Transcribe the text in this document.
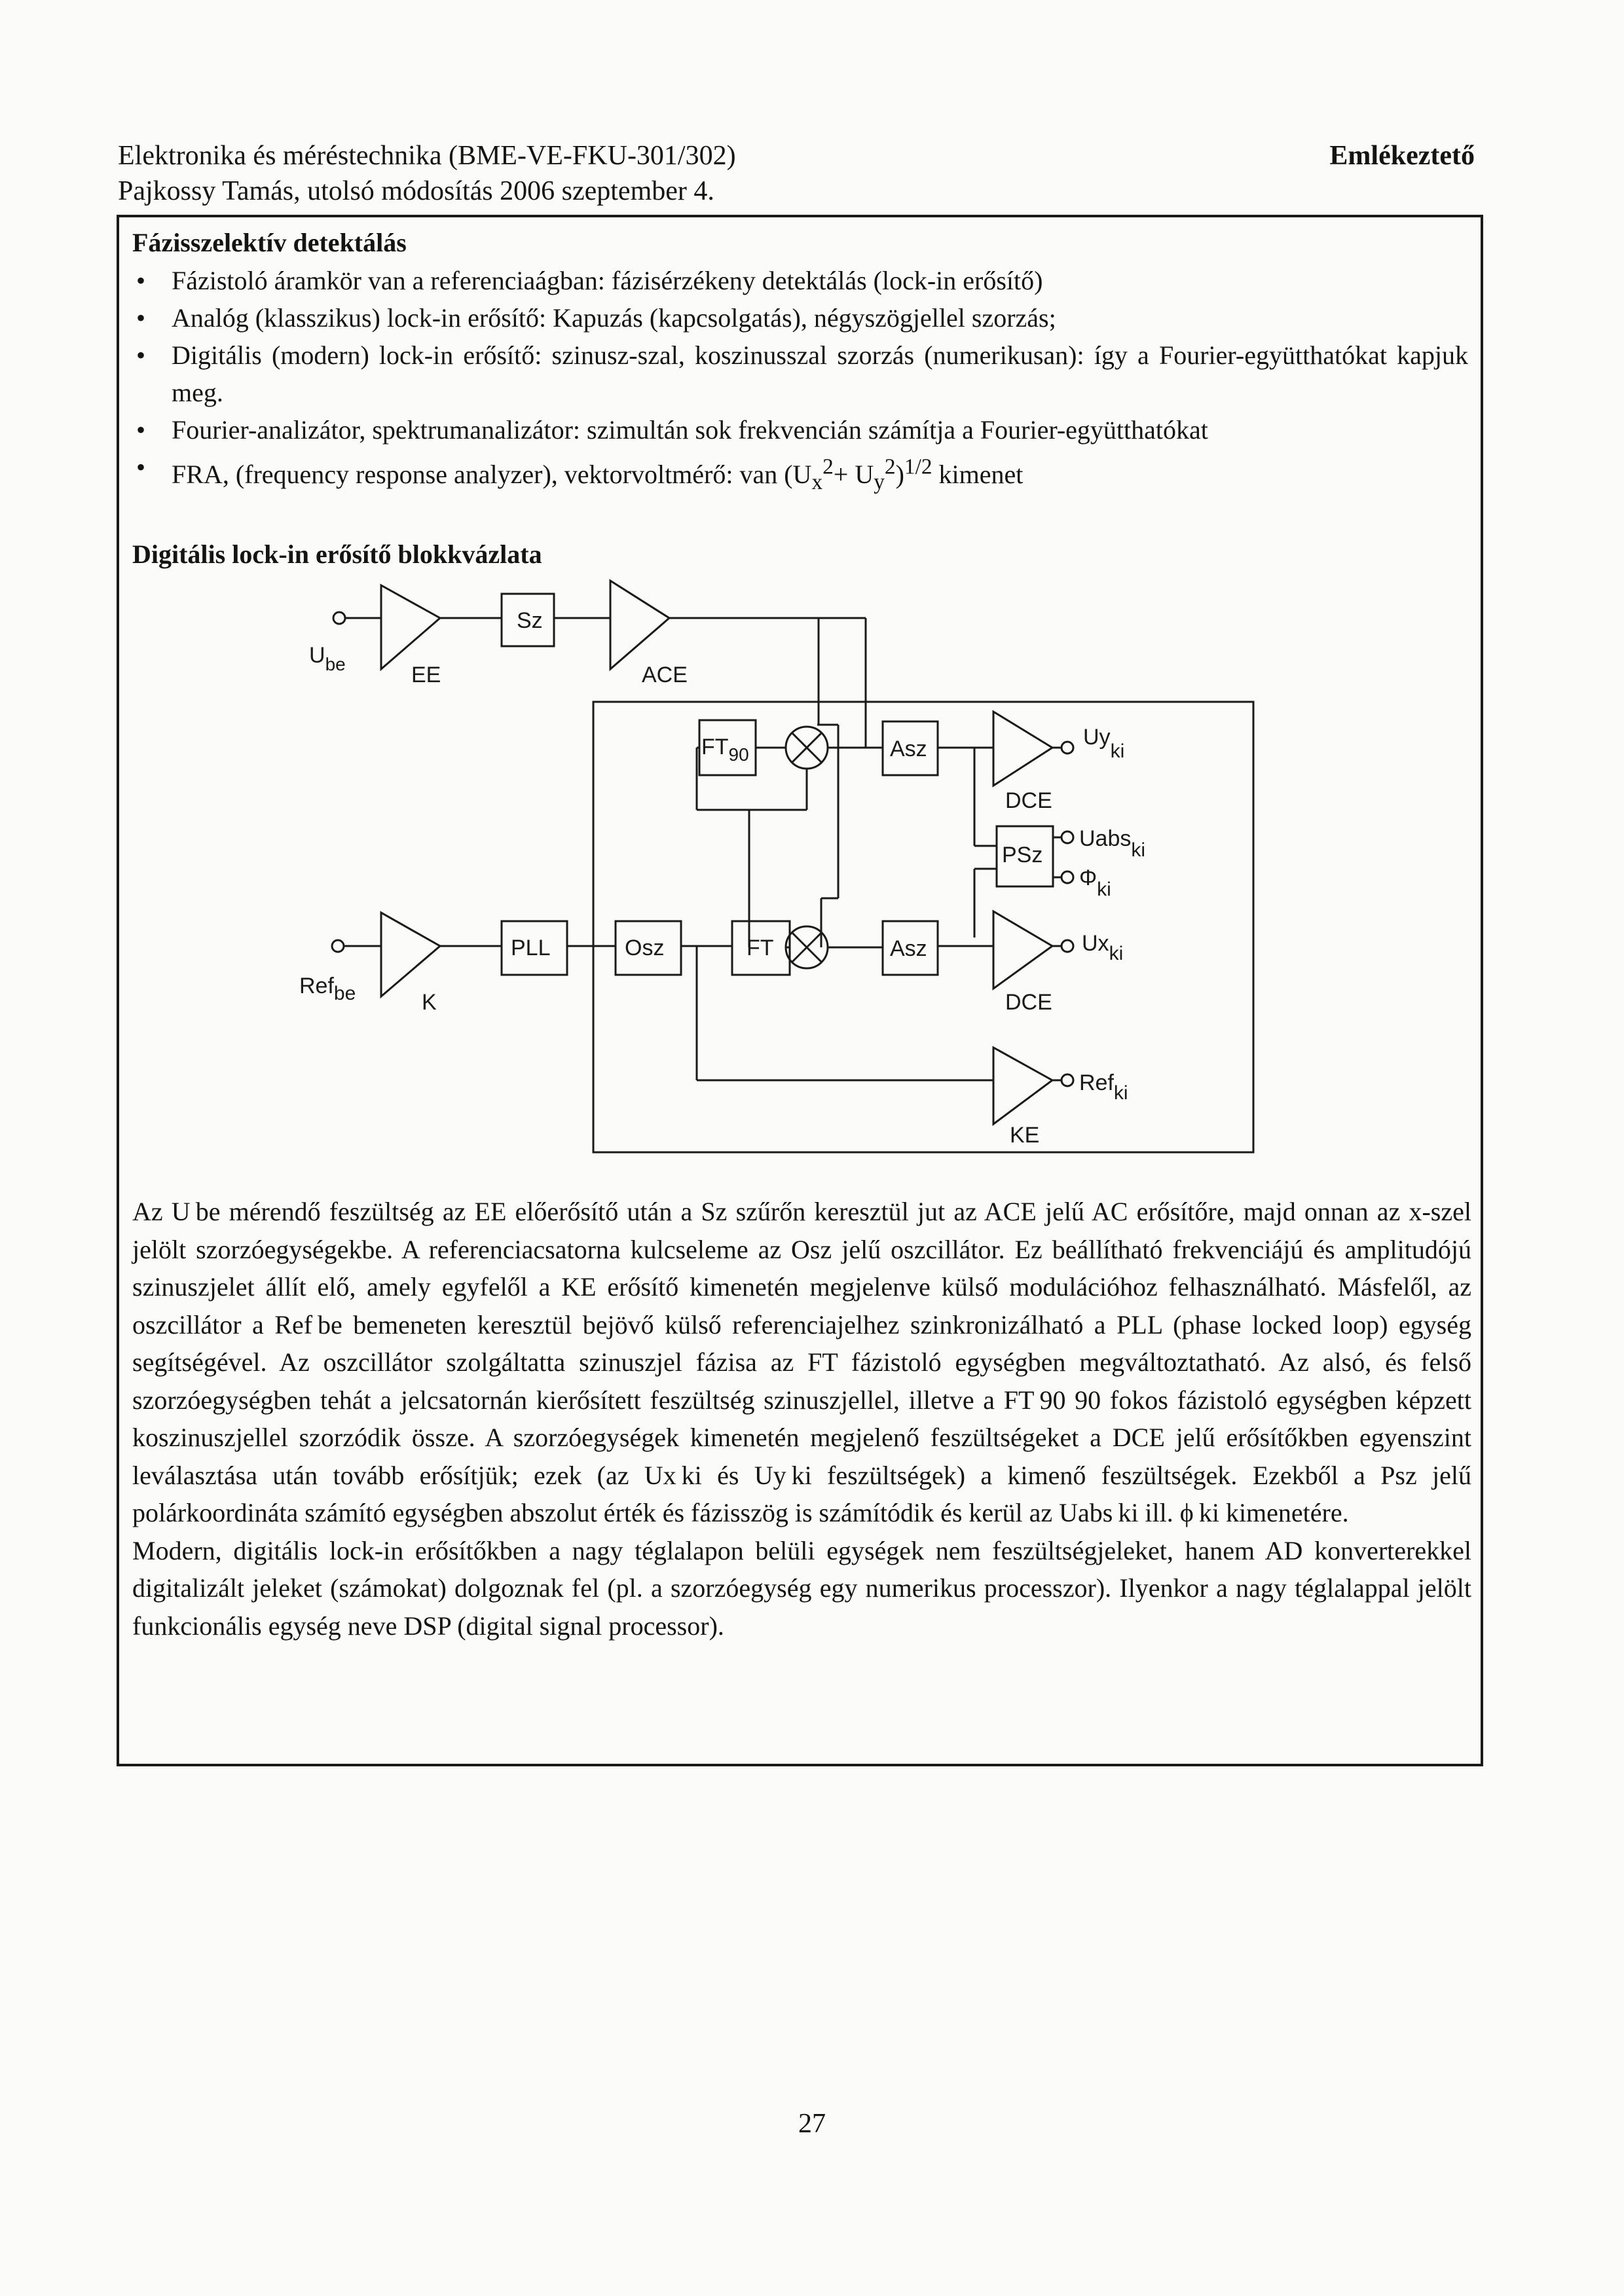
Elektronika és méréstechnika (BME-VE-FKU-301/302)
Pajkossy Tamás, utolsó módosítás 2006 szeptember 4.
Emlékeztető
Fázisszelektív detektálás
• Fázistoló áramkör van a referenciaágban: fázisérzékeny detektálás (lock-in erősítő)
• Analóg (klasszikus) lock-in erősítő: Kapuzás (kapcsolgatás), négyszögjellel szorzás;
• Digitális (modern) lock-in erősítő: szinusz-szal, koszinusszal szorzás (numerikusan): így a Fourier-együtthatókat kapjuk meg.
• Fourier-analizátor, spektrumanalizátor: szimultán sok frekvencián számítja a Fourier-együtthatókat
• FRA, (frequency response analyzer), vektorvoltmérő: van $(U_x^2+ U_y^2)^{1/2}$ kimenet
Digitális lock-in erősítő blokkvázlata
$U_{be}$	EE
Sz
ACE
$FT_{90}$	Asz
DCE
Uyki
PSz
Uabski
Φki
Refbe	K
PLL	Osz	FT	Asz
DCE
Uxki
Refki
KE

Az U be mérendő feszültség az EE előerősítő után a Sz szűrőn keresztül jut az ACE jelű AC erősítőre, majd onnan az x-szel jelölt szorzóegységekbe. A referenciacsatorna kulcseleme az Osz jelű oszcillátor. Ez beállítható frekvenciájú és amplitudójú szinuszjelet állít elő, amely egyfelől a KE erősítő kimenetén megjelenve külső modulációhoz felhasználható. Másfelől, az oszcillátor a Ref be bemeneten keresztül bejövő külső referenciajelhez szinkronizálható a PLL (phase locked loop) egység segítségével. Az oszcillátor szolgáltatta szinuszjel fázisa az FT fázistoló egységben megváltoztatható. Az alsó, és felső szorzóegységben tehát a jelcsatornán kierősített feszültség szinuszjellel, illetve a FT 90 90 fokos fázistoló egységben képzett koszinuszjellel szorzódik össze. A szorzóegységek kimenetén megjelenő feszültségeket a DCE jelű erősítőkben egyenszint leválasztása után tovább erősítjük; ezek (az Ux ki és Uy ki feszültségek) a kimenő feszültségek. Ezekből a Psz jelű polárkoordináta számító egységben abszolut érték és fázisszög is számítódik és kerül az Uabs ki ill. ϕ ki kimenetére.

Modern, digitális lock-in erősítőkben a nagy téglalapon belüli egységek nem feszültségjeleket, hanem AD konverterekkel digitalizált jeleket (számokat) dolgoznak fel (pl. a szorzóegység egy numerikus processzor). Ilyenkor a nagy téglalappal jelölt funkcionális egység neve DSP (digital signal processor).

27
